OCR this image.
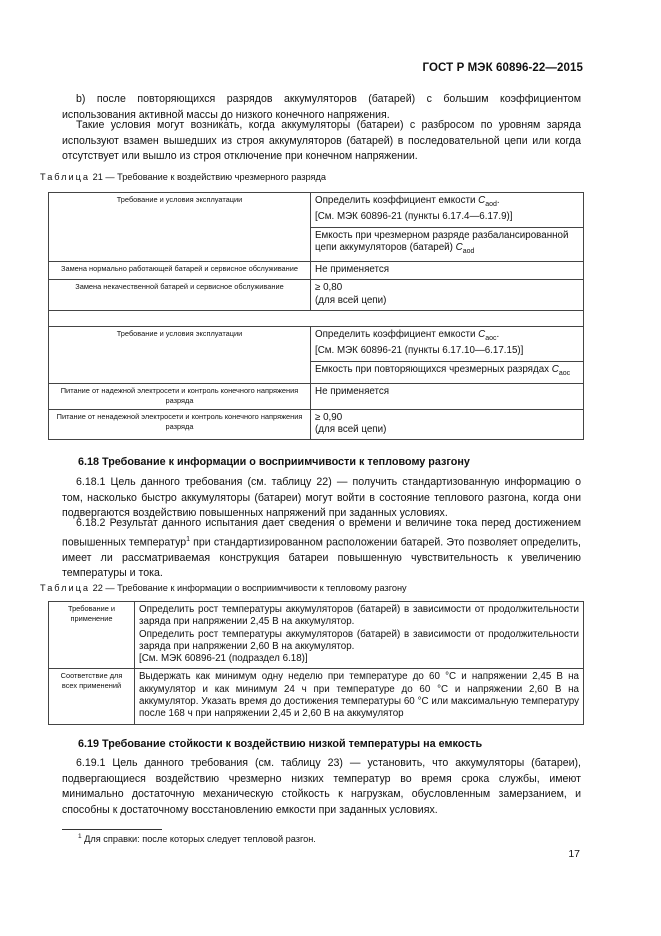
ГОСТ Р МЭК 60896-22—2015

b) после повторяющихся разрядов аккумуляторов (батарей) с большим коэффициентом использования активной массы до низкого конечного напряжения.

Такие условия могут возникать, когда аккумуляторы (батареи) с разбросом по уровням заряда используют взамен вышедших из строя аккумуляторов (батарей) в последовательной цепи или когда отсутствует или вышло из строя отключение при конечном напряжении.

Таблица 21 — Требование к воздействию чрезмерного разряда
Требование и условия эксплуатации	Определить коэффициент емкости $C_{aod}$.
[См. МЭК 60896-21 (пункты 6.17.4—6.17.9)]
	Емкость при чрезмерном разряде разбалансированной цепи аккумуляторов (батарей) $C_{aod}$
Замена нормально работающей батарей и сервисное обслуживание	Не применяется
Замена некачественной батарей и сервисное обслуживание	≥ 0,80
(для всей цепи)

Требование и условия эксплуатации	Определить коэффициент емкости $C_{aoc}$.
[См. МЭК 60896-21 (пункты 6.17.10—6.17.15)]
	Емкость при повторяющихся чрезмерных разрядах $C_{aoc}$
Питание от надежной электросети и контроль конечного напряжения разряда	Не применяется
Питание от ненадежной электросети и контроль конечного напряжения разряда	≥ 0,90
(для всей цепи)
6.18 Требование к информации о восприимчивости к тепловому разгону

6.18.1 Цель данного требования (см. таблицу 22) — получить стандартизованную информацию о том, насколько быстро аккумуляторы (батареи) могут войти в состояние теплового разгона, когда они подвергаются воздействию повышенных напряжений при заданных условиях.

6.18.2 Результат данного испытания дает сведения о времени и величине тока перед достижением повышенных температур$^1$ при стандартизированном расположении батарей. Это позволяет определить, имеет ли рассматриваемая конструкция батареи повышенную чувствительность к увеличению температуры и тока.

Таблица 22 — Требование к информации о восприимчивости к тепловому разгону
Требование и применение	Определить рост температуры аккумуляторов (батарей) в зависимости от продолжительности заряда при напряжении 2,45 В на аккумулятор.
Определить рост температуры аккумуляторов (батарей) в зависимости от продолжительности заряда при напряжении 2,60 В на аккумулятор.
[См. МЭК 60896-21 (подраздел 6.18)]
Соответствие для всех применений	Выдержать как минимум одну неделю при температуре до 60 °С и напряжении 2,45 В на аккумулятор и как минимум 24 ч при температуре до 60 °С и напряжении 2,60 В на аккумулятор. Указать время до достижения температуры 60 °С или максимальную температуру после 168 ч при напряжении 2,45 и 2,60 В на аккумулятор
6.19 Требование стойкости к воздействию низкой температуры на емкость

6.19.1 Цель данного требования (см. таблицу 23) — установить, что аккумуляторы (батареи), подвергающиеся воздействию чрезмерно низких температур во время срока службы, имеют минимально достаточную механическую стойкость к нагрузкам, обусловленным замерзанием, и способны к достаточному восстановлению емкости при заданных условиях.

$^1$ Для справки: после которых следует тепловой разгон.
17
